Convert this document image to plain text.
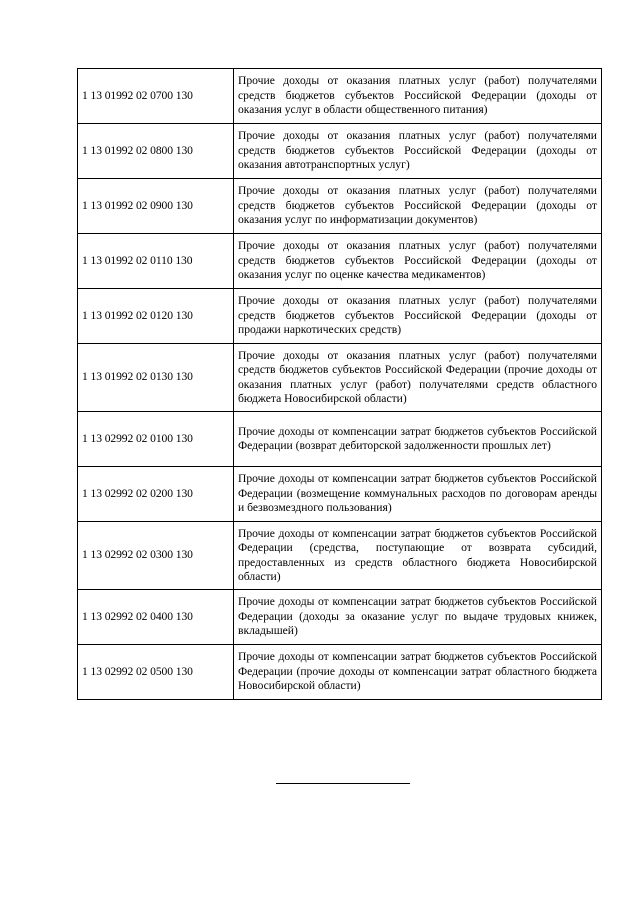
1 13 01992 02 0700 130	Прочие доходы от оказания платных услуг (работ) получателями средств бюджетов субъектов Российской Федерации (доходы от оказания услуг в области общественного питания)
1 13 01992 02 0800 130	Прочие доходы от оказания платных услуг (работ) получателями средств бюджетов субъектов Российской Федерации (доходы от оказания автотранспортных услуг)
1 13 01992 02 0900 130	Прочие доходы от оказания платных услуг (работ) получателями средств бюджетов субъектов Российской Федерации (доходы от оказания услуг по информатизации документов)
1 13 01992 02 0110 130	Прочие доходы от оказания платных услуг (работ) получателями средств бюджетов субъектов Российской Федерации (доходы от оказания услуг по оценке качества медикаментов)
1 13 01992 02 0120 130	Прочие доходы от оказания платных услуг (работ) получателями средств бюджетов субъектов Российской Федерации (доходы от продажи наркотических средств)
1 13 01992 02 0130 130	Прочие доходы от оказания платных услуг (работ) получателями средств бюджетов субъектов Российской Федерации (прочие доходы от оказания платных услуг (работ) получателями средств областного бюджета Новосибирской области)
1 13 02992 02 0100 130	Прочие доходы от компенсации затрат бюджетов субъектов Российской Федерации (возврат дебиторской задолженности прошлых лет)
1 13 02992 02 0200 130	Прочие доходы от компенсации затрат бюджетов субъектов Российской Федерации (возмещение коммунальных расходов по договорам аренды и безвозмездного пользования)
1 13 02992 02 0300 130	Прочие доходы от компенсации затрат бюджетов субъектов Российской Федерации (средства, поступающие от возврата субсидий, предоставленных из средств областного бюджета Новосибирской области)
1 13 02992 02 0400 130	Прочие доходы от компенсации затрат бюджетов субъектов Российской Федерации (доходы за оказание услуг по выдаче трудовых книжек, вкладышей)
1 13 02992 02 0500 130	Прочие доходы от компенсации затрат бюджетов субъектов Российской Федерации (прочие доходы от компенсации затрат областного бюджета Новосибирской области)
